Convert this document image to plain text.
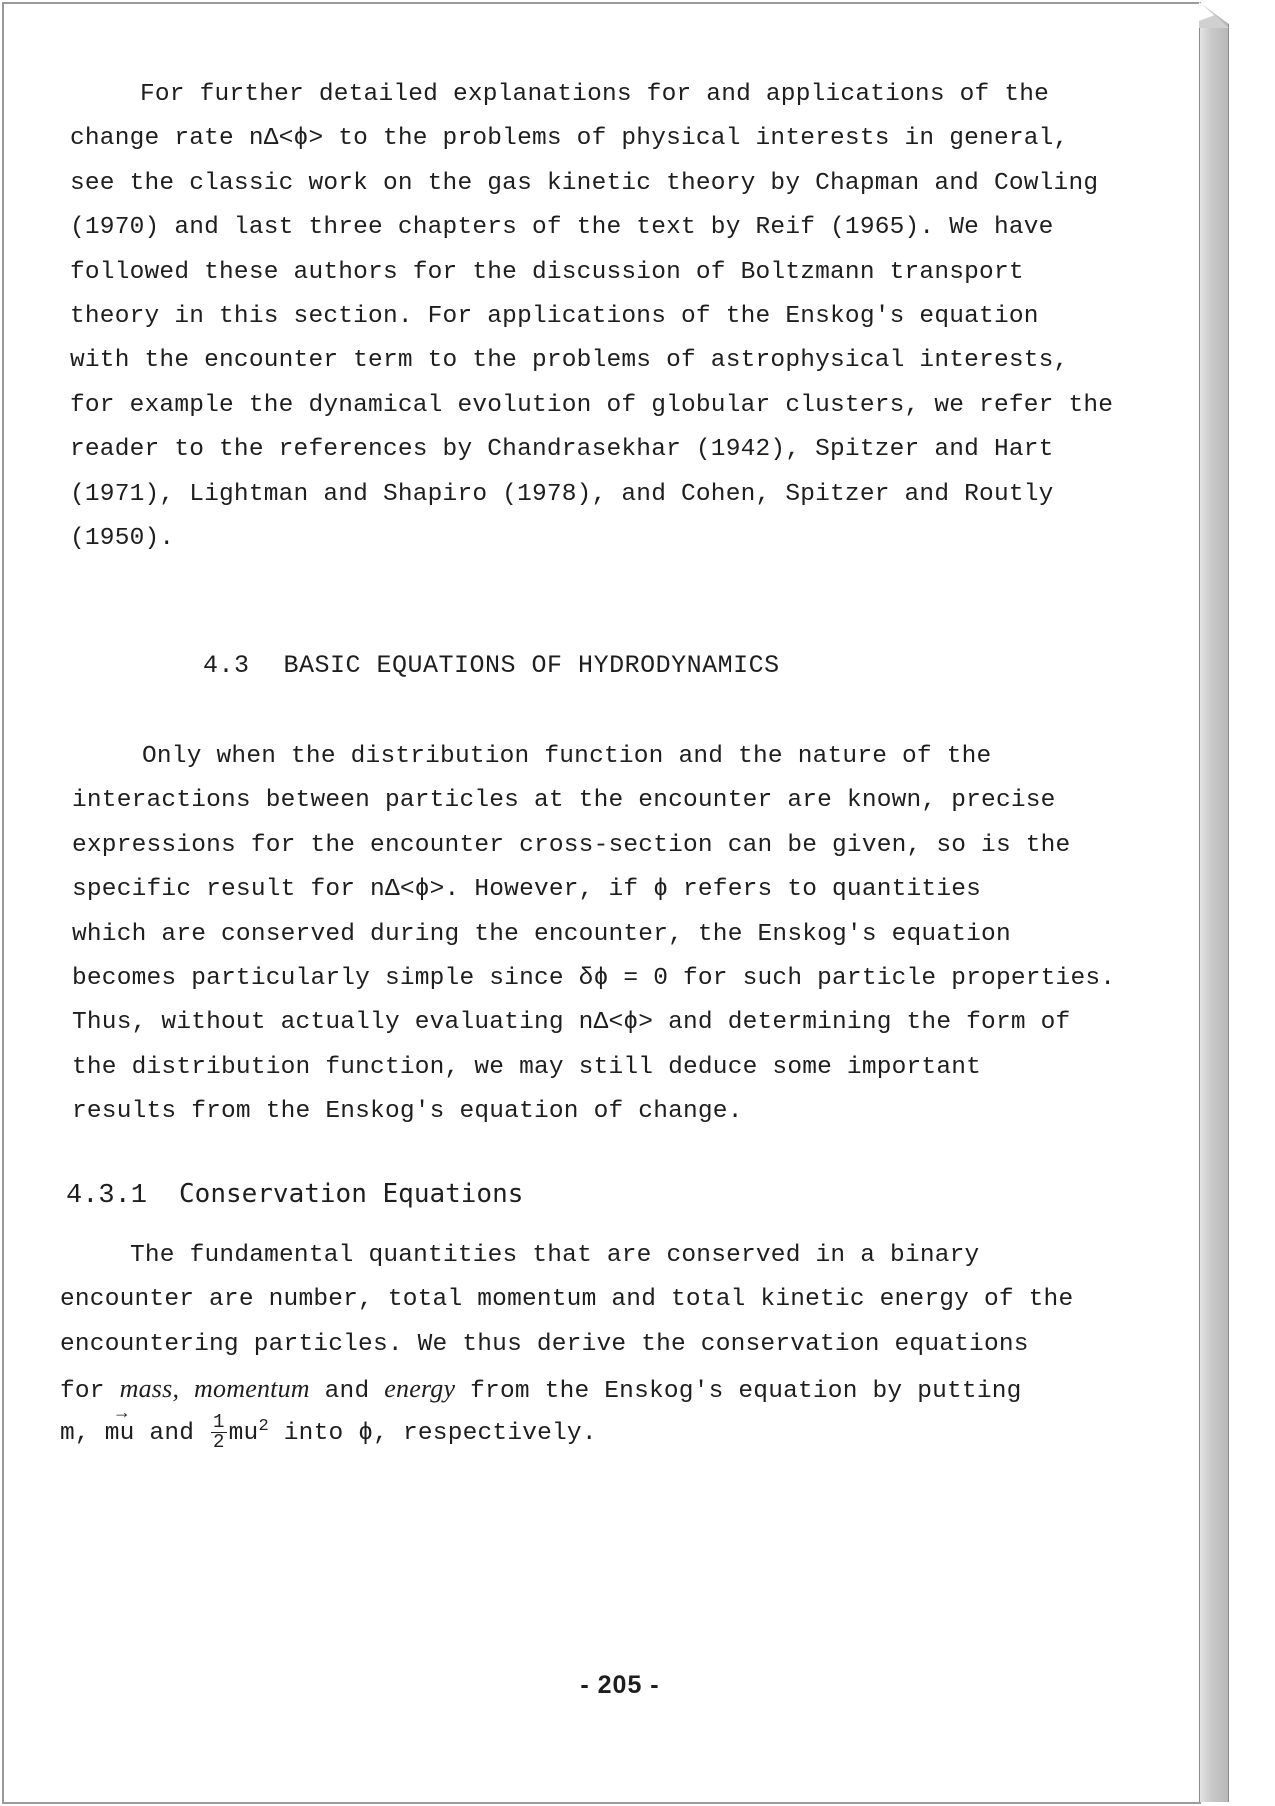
For further detailed explanations for and applications of the
change rate nΔ<ϕ> to the problems of physical interests in general,
see the classic work on the gas kinetic theory by Chapman and Cowling
(1970) and last three chapters of the text by Reif (1965). We have
followed these authors for the discussion of Boltzmann transport
theory in this section. For applications of the Enskog's equation
with the encounter term to the problems of astrophysical interests,
for example the dynamical evolution of globular clusters, we refer the
reader to the references by Chandrasekhar (1942), Spitzer and Hart
(1971), Lightman and Shapiro (1978), and Cohen, Spitzer and Routly
(1950).
4.3 BASIC EQUATIONS OF HYDRODYNAMICS
Only when the distribution function and the nature of the
interactions between particles at the encounter are known, precise
expressions for the encounter cross-section can be given, so is the
specific result for nΔ<ϕ>. However, if ϕ refers to quantities
which are conserved during the encounter, the Enskog's equation
becomes particularly simple since δϕ = 0 for such particle properties.
Thus, without actually evaluating nΔ<ϕ> and determining the form of
the distribution function, we may still deduce some important
results from the Enskog's equation of change.
4.3.1 Conservation Equations
The fundamental quantities that are conserved in a binary
encounter are number, total momentum and total kinetic energy of the
encountering particles. We thus derive the conservation equations
for mass, momentum and energy from the Enskog's equation by putting
m, → mu and $\frac{1}{2} mu^2$ into ϕ, respectively.
- 205 -
